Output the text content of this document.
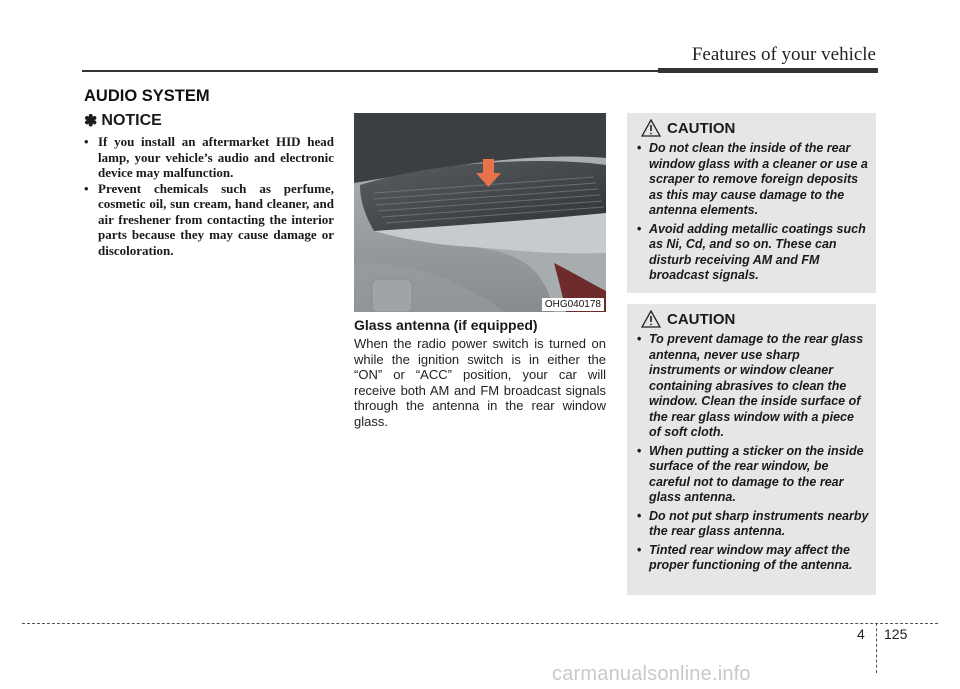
Features of your vehicle
AUDIO SYSTEM
✽ NOTICE
• If you install an aftermarket HID head lamp, your vehicle’s audio and electronic device may malfunction.
• Prevent chemicals such as perfume, cosmetic oil, sun cream, hand cleaner, and air freshener from contacting the interior parts because they may cause damage or discoloration.
OHG040178
Glass antenna (if equipped)
When the radio power switch is turned on while the ignition switch is in either the “ON” or “ACC” position, your car will receive both AM and FM broadcast signals through the antenna in the rear window glass.
CAUTION
• Do not clean the inside of the rear window glass with a cleaner or use a scraper to remove foreign deposits as this may cause damage to the antenna elements.
• Avoid adding metallic coatings such as Ni, Cd, and so on. These can disturb receiving AM and FM broadcast signals.
CAUTION
• To prevent damage to the rear glass antenna, never use sharp instruments or window cleaner containing abrasives to clean the window. Clean the inside surface of the rear glass window with a piece of soft cloth.
• When putting a sticker on the inside surface of the rear window, be careful not to damage to the rear glass antenna.
• Do not put sharp instruments nearby the rear glass antenna.
• Tinted rear window may affect the proper functioning of the antenna.
4 125
carmanualsonline.info
